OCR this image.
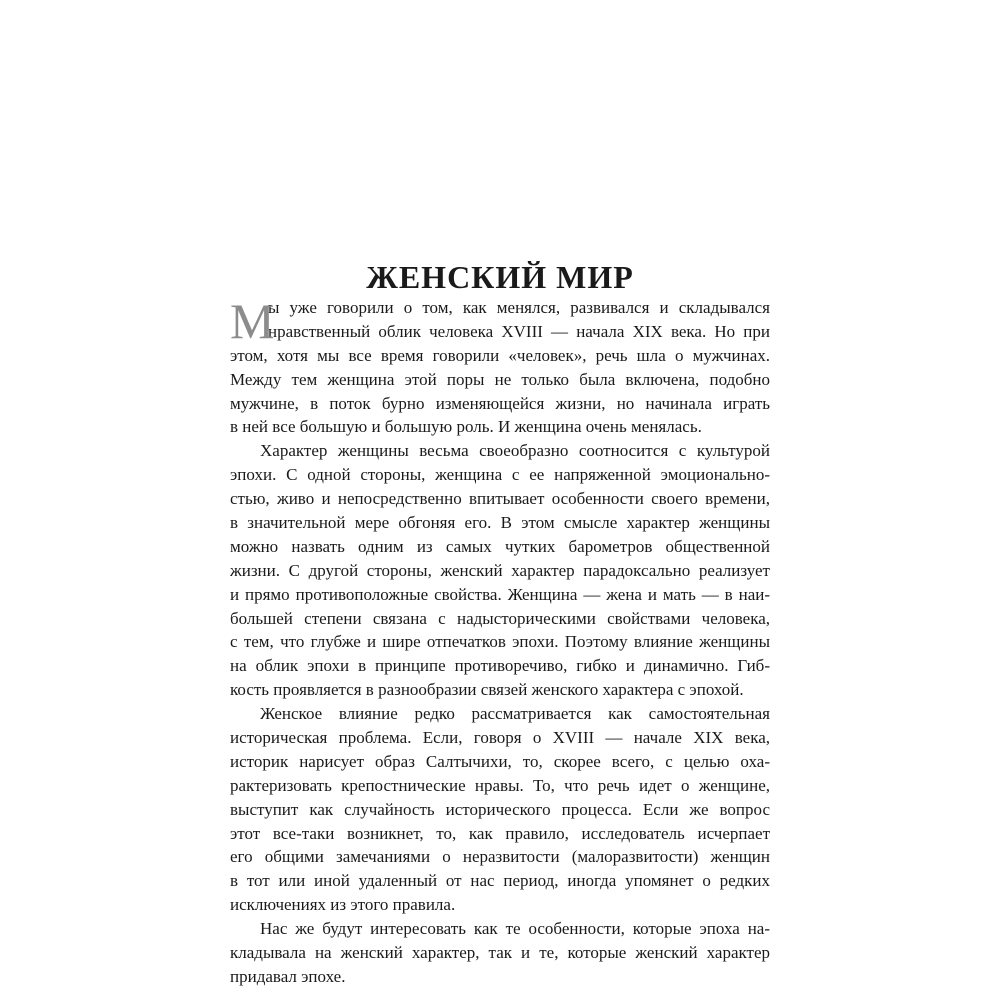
ЖЕНСКИЙ МИР
М
ы уже говорили о том, как менялся, развивался и складывался
нравственный облик человека XVIII — начала XIX века. Но при
этом, хотя мы все время говорили «человек», речь шла о мужчинах.
Между тем женщина этой поры не только была включена, подобно
мужчине, в поток бурно изменяющейся жизни, но начинала играть
в ней все большую и большую роль. И женщина очень менялась.
Характер женщины весьма своеобразно соотносится с культурой
эпохи. С одной стороны, женщина с ее напряженной эмоционально-
стью, живо и непосредственно впитывает особенности своего времени,
в значительной мере обгоняя его. В этом смысле характер женщины
можно назвать одним из самых чутких барометров общественной
жизни. С другой стороны, женский характер парадоксально реализует
и прямо противоположные свойства. Женщина — жена и мать — в наи-
большей степени связана с надысторическими свойствами человека,
с тем, что глубже и шире отпечатков эпохи. Поэтому влияние женщины
на облик эпохи в принципе противоречиво, гибко и динамично. Гиб-
кость проявляется в разнообразии связей женского характера с эпохой.
Женское влияние редко рассматривается как самостоятельная
историческая проблема. Если, говоря о XVIII — начале XIX века,
историк нарисует образ Салтычихи, то, скорее всего, с целью оха-
рактеризовать крепостнические нравы. То, что речь идет о женщине,
выступит как случайность исторического процесса. Если же вопрос
этот все-таки возникнет, то, как правило, исследователь исчерпает
его общими замечаниями о неразвитости (малоразвитости) женщин
в тот или иной удаленный от нас период, иногда упомянет о редких
исключениях из этого правила.
Нас же будут интересовать как те особенности, которые эпоха на-
кладывала на женский характер, так и те, которые женский характер
придавал эпохе.
